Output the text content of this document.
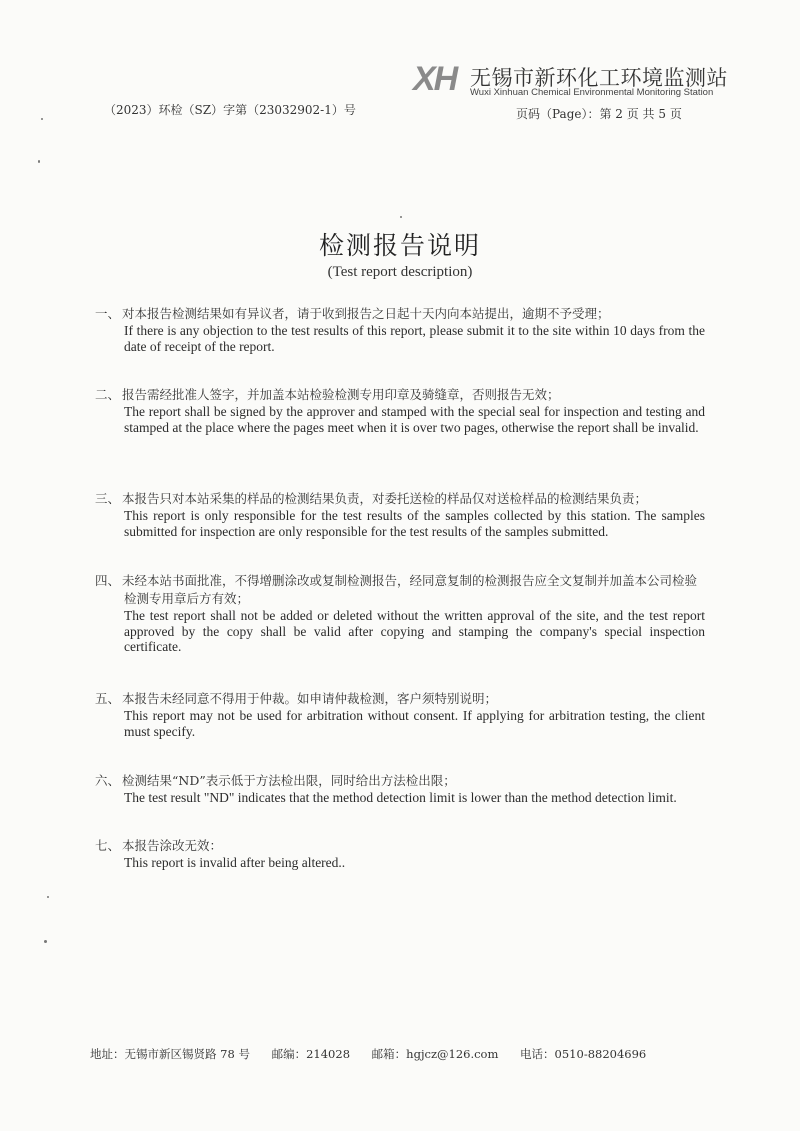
XH 无锡市新环化工环境监测站
Wuxi Xinhuan Chemical Environmental Monitoring Station
（2023）环检（SZ）字第（23032902-1）号	页码（Page）：第 2 页 共 5 页
检测报告说明
(Test report description)
一、 对本报告检测结果如有异议者，请于收到报告之日起十天内向本站提出，逾期不予受理；
If there is any objection to the test results of this report, please submit it to the site within 10 days from the date of receipt of the report.
二、 报告需经批准人签字，并加盖本站检验检测专用印章及骑缝章，否则报告无效；
The report shall be signed by the approver and stamped with the special seal for inspection and testing and stamped at the place where the pages meet when it is over two pages, otherwise the report shall be invalid.
三、 本报告只对本站采集的样品的检测结果负责，对委托送检的样品仅对送检样品的检测结果负责；
This report is only responsible for the test results of the samples collected by this station. The samples submitted for inspection are only responsible for the test results of the samples submitted.
四、 未经本站书面批准，不得增删涂改或复制检测报告，经同意复制的检测报告应全文复制并加盖本公司检验检测专用章后方有效；
The test report shall not be added or deleted without the written approval of the site, and the test report approved by the copy shall be valid after copying and stamping the company's special inspection certificate.
五、 本报告未经同意不得用于仲裁。如申请仲裁检测，客户须特别说明；
This report may not be used for arbitration without consent. If applying for arbitration testing, the client must specify.
六、 检测结果“ND”表示低于方法检出限，同时给出方法检出限；
The test result "ND" indicates that the method detection limit is lower than the method detection limit.
七、 本报告涂改无效：
This report is invalid after being altered..
地址：无锡市新区锡贤路 78 号 邮编：214028 邮箱：hgjcz@126.com 电话：0510-88204696
